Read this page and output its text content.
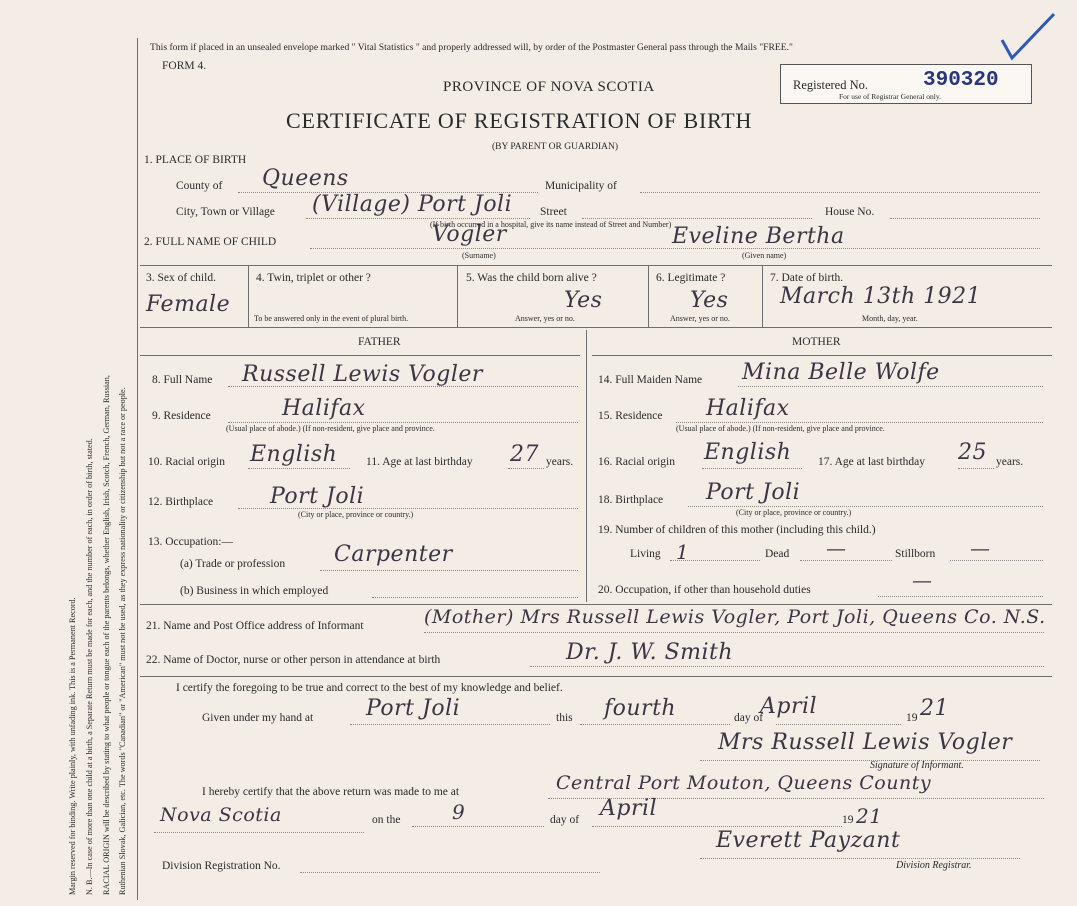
Margin reserved for binding. Write plainly, with unfading ink. This is a Permanent Record. N. B.—In case of more than one child at a birth, a Separate Return must be made for each, and the number of each, in order of birth, stated. RACIAL ORIGIN will be described by stating to what people or tongue each of the parents belongs, whether English, Irish, Scotch, French, German, Russian, Ruthenian Slovak, Galician, etc. The words "Canadian" or "American" must not be used, as they express nationality or citizenship but not a race or people.
This form if placed in an unsealed envelope marked " Vital Statistics " and properly addressed will, by order of the Postmaster General pass through the Mails "FREE."
FORM 4.
PROVINCE OF NOVA SCOTIA
CERTIFICATE OF REGISTRATION OF BIRTH
(BY PARENT OR GUARDIAN)
Registered No.	390320
For use of Registrar General only.
1. PLACE OF BIRTH
County of Queens	Municipality of
City, Town or Village (Village) Port Joli Street	House No.
(If birth occurred in a hospital, give its name instead of Street and Number)
2. FULL NAME OF CHILD	Vogler	Eveline Bertha
(Surname)	(Given name)
3. Sex of child.
Female
4. Twin, triplet or other ?
To be answered only in the event of plural birth.
5. Was the child born alive ?
Yes
Answer, yes or no.
6. Legitimate ?
Yes
Answer, yes or no.
7. Date of birth.
March 13th 1921
Month, day, year.
FATHER	MOTHER
8. Full Name Russell Lewis Vogler
9. Residence	Halifax
(Usual place of abode.) (If non-resident, give place and province.
10. Racial origin English 11. Age at last birthday 27 years.
12. Birthplace	Port Joli
(City or place, province or country.)
13. Occupation:—
(a) Trade or profession Carpenter
(b) Business in which employed
14. Full Maiden Name Mina Belle Wolfe
15. Residence Halifax
(Usual place of abode.) (If non-resident, give place and province.
16. Racial origin English 17. Age at last birthday 25 years.
18. Birthplace Port Joli
(City or place, province or country.)
19. Number of children of this mother (including this child.)
Living 1	Dead —	Stillborn —
20. Occupation, if other than household duties	—
21. Name and Post Office address of Informant	(Mother) Mrs Russell Lewis Vogler, Port Joli, Queens Co. N.S.
22. Name of Doctor, nurse or other person in attendance at birth	Dr. J. W. Smith
I certify the foregoing to be true and correct to the best of my knowledge and belief.
Given under my hand at Port Joli	this fourth	day of
April	19 21
Mrs Russell Lewis Vogler
Signature of Informant.
I hereby certify that the above return was made to me at	Central Port Mouton, Queens County
Nova Scotia	on the	9	day of April	19 21
Division Registration No.
Everett Payzant
Division Registrar.
